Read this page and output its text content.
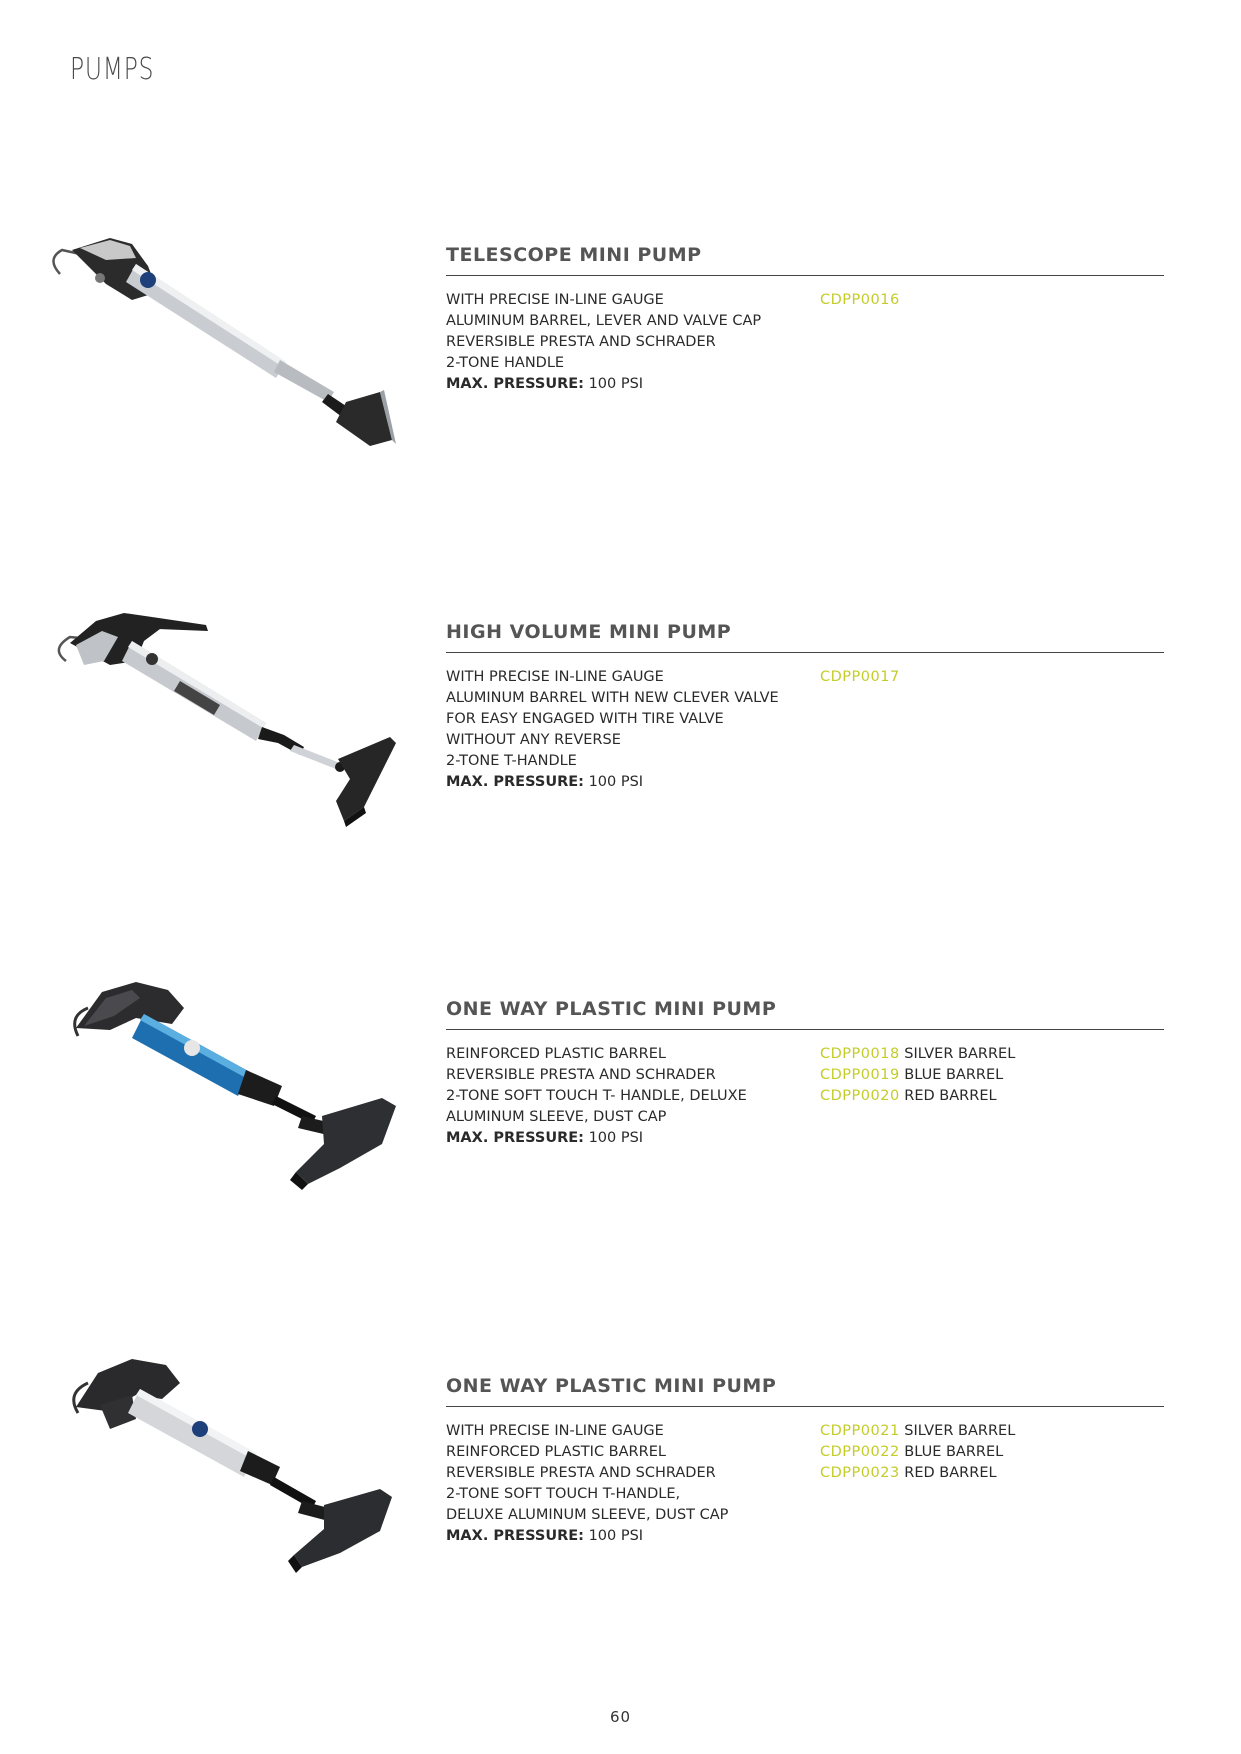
PUMPS
TELESCOPE MINI PUMP
WITH PRECISE IN-LINE GAUGE
ALUMINUM BARREL, LEVER AND VALVE CAP
REVERSIBLE PRESTA AND SCHRADER
2-TONE HANDLE
MAX. PRESSURE: 100 PSI
CDPP0016
HIGH VOLUME MINI PUMP
WITH PRECISE IN-LINE GAUGE
ALUMINUM BARREL WITH NEW CLEVER VALVE
FOR EASY ENGAGED WITH TIRE VALVE
WITHOUT ANY REVERSE
2-TONE T-HANDLE
MAX. PRESSURE: 100 PSI
CDPP0017
ONE WAY PLASTIC MINI PUMP
REINFORCED PLASTIC BARREL
REVERSIBLE PRESTA AND SCHRADER
2-TONE SOFT TOUCH T- HANDLE, DELUXE
ALUMINUM SLEEVE, DUST CAP
MAX. PRESSURE: 100 PSI
CDPP0018 SILVER BARREL
CDPP0019 BLUE BARREL
CDPP0020 RED BARREL
ONE WAY PLASTIC MINI PUMP
WITH PRECISE IN-LINE GAUGE
REINFORCED PLASTIC BARREL
REVERSIBLE PRESTA AND SCHRADER
2-TONE SOFT TOUCH T-HANDLE,
DELUXE ALUMINUM SLEEVE, DUST CAP
MAX. PRESSURE: 100 PSI
CDPP0021 SILVER BARREL
CDPP0022 BLUE BARREL
CDPP0023 RED BARREL
60
